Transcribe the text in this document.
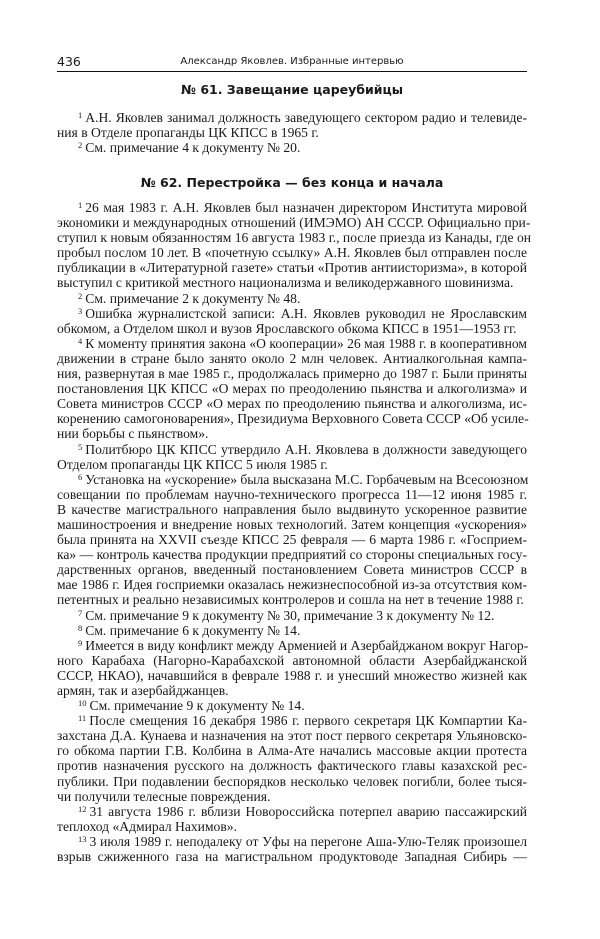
436	Александр Яковлев. Избранные интервью
№ 61. Завещание цареубийцы
$^1$ А.Н. Яковлев занимал должность заведующего сектором радио и телевиде-
ния в Отделе пропаганды ЦК КПСС в 1965 г.
$^2$ См. примечание 4 к документу № 20.
№ 62. Перестройка — без конца и начала
$^1$ 26 мая 1983 г. А.Н. Яковлев был назначен директором Института мировой
экономики и международных отношений (ИМЭМО) АН СССР. Официально при-
ступил к новым обязанностям 16 августа 1983 г., после приезда из Канады, где он
пробыл послом 10 лет. В «почетную ссылку» А.Н. Яковлев был отправлен после
публикации в «Литературной газете» статьи «Против антиисторизма», в которой
выступил с критикой местного национализма и великодержавного шовинизма.
$^2$ См. примечание 2 к документу № 48.
$^3$ Ошибка журналистской записи: А.Н. Яковлев руководил не Ярославским
обкомом, а Отделом школ и вузов Ярославского обкома КПСС в 1951—1953 гг.
$^4$ К моменту принятия закона «О кооперации» 26 мая 1988 г. в кооперативном
движении в стране было занято около 2 млн человек. Антиалкогольная кампа-
ния, развернутая в мае 1985 г., продолжалась примерно до 1987 г. Были приняты
постановления ЦК КПСС «О мерах по преодолению пьянства и алкоголизма» и
Совета министров СССР «О мерах по преодолению пьянства и алкоголизма, ис-
коренению самогоноварения», Президиума Верховного Совета СССР «Об усиле-
нии борьбы с пьянством».
$^5$ Политбюро ЦК КПСС утвердило А.Н. Яковлева в должности заведующего
Отделом пропаганды ЦК КПСС 5 июля 1985 г.
$^6$ Установка на «ускорение» была высказана М.С. Горбачевым на Всесоюзном
совещании по проблемам научно-технического прогресса 11—12 июня 1985 г.
В качестве магистрального направления было выдвинуто ускоренное развитие
машиностроения и внедрение новых технологий. Затем концепция «ускорения»
была принята на XXVII съезде КПСС 25 февраля — 6 марта 1986 г. «Госприем-
ка» — контроль качества продукции предприятий со стороны специальных госу-
дарственных органов, введенный постановлением Совета министров СССР в
мае 1986 г. Идея госприемки оказалась нежизнеспособной из-за отсутствия ком-
петентных и реально независимых контролеров и сошла на нет в течение 1988 г.
$^7$ См. примечание 9 к документу № 30, примечание 3 к документу № 12.
$^8$ См. примечание 6 к документу № 14.
$^9$ Имеется в виду конфликт между Арменией и Азербайджаном вокруг Нагор-
ного Карабаха (Нагорно-Карабахской автономной области Азербайджанской
СССР, НКАО), начавшийся в феврале 1988 г. и унесший множество жизней как
армян, так и азербайджанцев.
$^{10}$ См. примечание 9 к документу № 14.
$^{11}$ После смещения 16 декабря 1986 г. первого секретаря ЦК Компартии Ка-
захстана Д.А. Кунаева и назначения на этот пост первого секретаря Ульяновско-
го обкома партии Г.В. Колбина в Алма-Ате начались массовые акции протеста
против назначения русского на должность фактического главы казахской рес-
публики. При подавлении беспорядков несколько человек погибли, более тыся-
чи получили телесные повреждения.
$^{12}$ 31 августа 1986 г. вблизи Новороссийска потерпел аварию пассажирский
теплоход «Адмирал Нахимов».
$^{13}$ 3 июля 1989 г. неподалеку от Уфы на перегоне Аша-Улю-Теляк произошел
взрыв сжиженного газа на магистральном продуктоводе Западная Сибирь —
